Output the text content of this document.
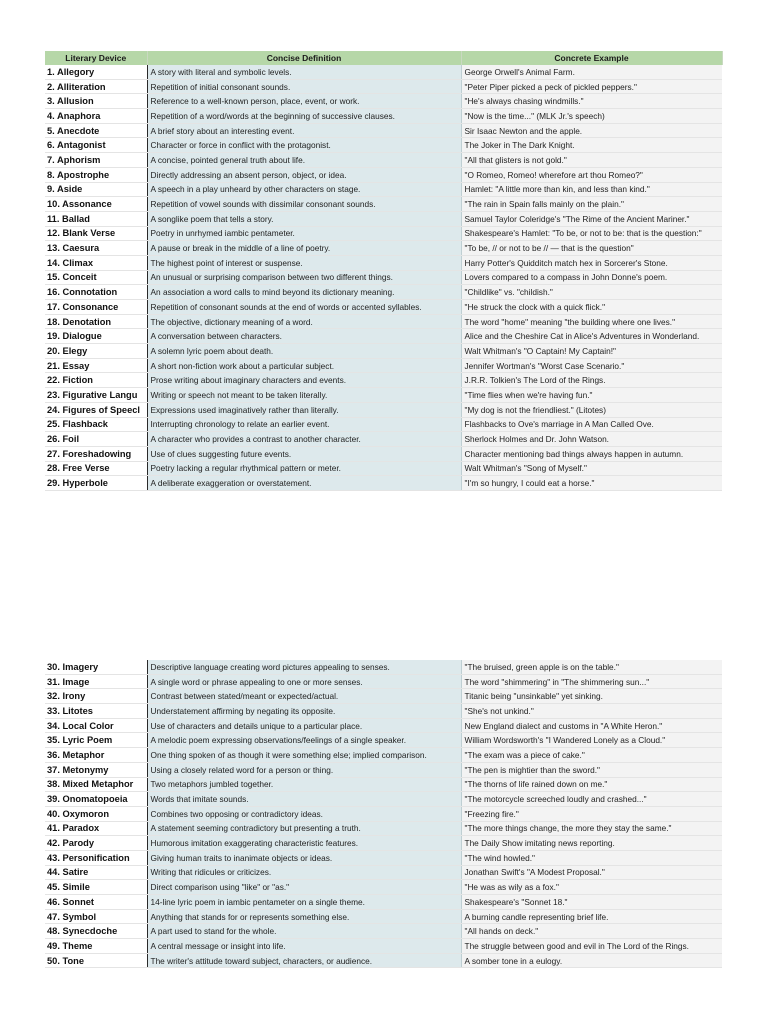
Literary Device	Concise Definition	Concrete Example
1. Allegory	A story with literal and symbolic levels.	George Orwell's Animal Farm.
2. Alliteration	Repetition of initial consonant sounds.	"Peter Piper picked a peck of pickled peppers."
3. Allusion	Reference to a well-known person, place, event, or work.	"He's always chasing windmills."
4. Anaphora	Repetition of a word/words at the beginning of successive clauses.	"Now is the time..." (MLK Jr.'s speech)
5. Anecdote	A brief story about an interesting event.	Sir Isaac Newton and the apple.
6. Antagonist	Character or force in conflict with the protagonist.	The Joker in The Dark Knight.
7. Aphorism	A concise, pointed general truth about life.	"All that glisters is not gold."
8. Apostrophe	Directly addressing an absent person, object, or idea.	"O Romeo, Romeo! wherefore art thou Romeo?"
9. Aside	A speech in a play unheard by other characters on stage.	Hamlet: "A little more than kin, and less than kind."
10. Assonance	Repetition of vowel sounds with dissimilar consonant sounds.	"The rain in Spain falls mainly on the plain."
11. Ballad	A songlike poem that tells a story.	Samuel Taylor Coleridge's "The Rime of the Ancient Mariner."
12. Blank Verse	Poetry in unrhymed iambic pentameter.	Shakespeare's Hamlet: "To be, or not to be: that is the question:"
13. Caesura	A pause or break in the middle of a line of poetry.	"To be, // or not to be // — that is the question"
14. Climax	The highest point of interest or suspense.	Harry Potter's Quidditch match hex in Sorcerer's Stone.
15. Conceit	An unusual or surprising comparison between two different things.	Lovers compared to a compass in John Donne's poem.
16. Connotation	An association a word calls to mind beyond its dictionary meaning.	"Childlike" vs. "childish."
17. Consonance	Repetition of consonant sounds at the end of words or accented syllables.	"He struck the clock with a quick flick."
18. Denotation	The objective, dictionary meaning of a word.	The word "home" meaning "the building where one lives."
19. Dialogue	A conversation between characters.	Alice and the Cheshire Cat in Alice's Adventures in Wonderland.
20. Elegy	A solemn lyric poem about death.	Walt Whitman's "O Captain! My Captain!"
21. Essay	A short non-fiction work about a particular subject.	Jennifer Wortman's "Worst Case Scenario."
22. Fiction	Prose writing about imaginary characters and events.	J.R.R. Tolkien's The Lord of the Rings.
23. Figurative Langu	Writing or speech not meant to be taken literally.	"Time flies when we're having fun."
24. Figures of Speecl	Expressions used imaginatively rather than literally.	"My dog is not the friendliest." (Litotes)
25. Flashback	Interrupting chronology to relate an earlier event.	Flashbacks to Ove's marriage in A Man Called Ove.
26. Foil	A character who provides a contrast to another character.	Sherlock Holmes and Dr. John Watson.
27. Foreshadowing	Use of clues suggesting future events.	Character mentioning bad things always happen in autumn.
28. Free Verse	Poetry lacking a regular rhythmical pattern or meter.	Walt Whitman's "Song of Myself."
29. Hyperbole	A deliberate exaggeration or overstatement.	"I'm so hungry, I could eat a horse."
30. Imagery	Descriptive language creating word pictures appealing to senses.	"The bruised, green apple is on the table."
31. Image	A single word or phrase appealing to one or more senses.	The word "shimmering" in "The shimmering sun..."
32. Irony	Contrast between stated/meant or expected/actual.	Titanic being "unsinkable" yet sinking.
33. Litotes	Understatement affirming by negating its opposite.	"She's not unkind."
34. Local Color	Use of characters and details unique to a particular place.	New England dialect and customs in "A White Heron."
35. Lyric Poem	A melodic poem expressing observations/feelings of a single speaker.	William Wordsworth's "I Wandered Lonely as a Cloud."
36. Metaphor	One thing spoken of as though it were something else; implied comparison.	"The exam was a piece of cake."
37. Metonymy	Using a closely related word for a person or thing.	"The pen is mightier than the sword."
38. Mixed Metaphor	Two metaphors jumbled together.	"The thorns of life rained down on me."
39. Onomatopoeia	Words that imitate sounds.	"The motorcycle screeched loudly and crashed..."
40. Oxymoron	Combines two opposing or contradictory ideas.	"Freezing fire."
41. Paradox	A statement seeming contradictory but presenting a truth.	"The more things change, the more they stay the same."
42. Parody	Humorous imitation exaggerating characteristic features.	The Daily Show imitating news reporting.
43. Personification	Giving human traits to inanimate objects or ideas.	"The wind howled."
44. Satire	Writing that ridicules or criticizes.	Jonathan Swift's "A Modest Proposal."
45. Simile	Direct comparison using "like" or "as."	"He was as wily as a fox."
46. Sonnet	14-line lyric poem in iambic pentameter on a single theme.	Shakespeare's "Sonnet 18."
47. Symbol	Anything that stands for or represents something else.	A burning candle representing brief life.
48. Synecdoche	A part used to stand for the whole.	"All hands on deck."
49. Theme	A central message or insight into life.	The struggle between good and evil in The Lord of the Rings.
50. Tone	The writer's attitude toward subject, characters, or audience.	A somber tone in a eulogy.
